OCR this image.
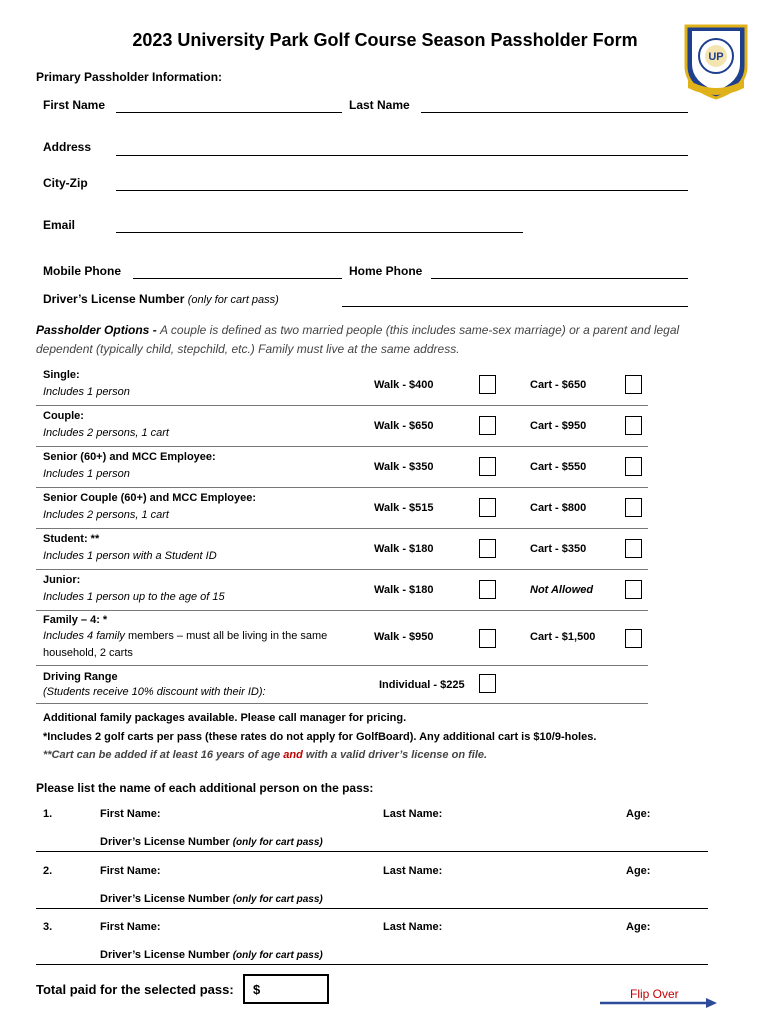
2023 University Park Golf Course Season Passholder Form
UP
Primary Passholder Information:
First Name	Last Name
Address
City-Zip
Email
Mobile Phone	Home Phone
Driver’s License Number (only for cart pass)
Passholder Options - A couple is defined as two married people (this includes same-sex marriage) or a parent and legal
dependent (typically child, stepchild, etc.) Family must live at the same address.
Single:
Includes 1 person
Walk - $400	Cart - $650
Couple:
Includes 2 persons, 1 cart
Walk - $650	Cart - $950
Senior (60+) and MCC Employee:
Includes 1 person
Walk - $350	Cart - $550
Senior Couple (60+) and MCC Employee:
Includes 2 persons, 1 cart
Walk - $515	Cart - $800
Student: **
Includes 1 person with a Student ID
Walk - $180	Cart - $350
Junior:
Includes 1 person up to the age of 15
Walk - $180	Not Allowed
Family – 4: *
Includes 4 family members – must all be living in the same
household, 2 carts
Walk - $950	Cart - $1,500
Driving Range
(Students receive 10% discount with their ID):
Individual - $225
Additional family packages available. Please call manager for pricing.
*Includes 2 golf carts per pass (these rates do not apply for GolfBoard). Any additional cart is $10/9-holes.
**Cart can be added if at least 16 years of age and with a valid driver’s license on file.
Please list the name of each additional person on the pass:
1.	First Name:	Last Name:	Age:
Driver’s License Number (only for cart pass)
2.	First Name:	Last Name:	Age:
Driver’s License Number (only for cart pass)
3.	First Name:	Last Name:	Age:
Driver’s License Number (only for cart pass)
Total paid for the selected pass: $	Flip Over
